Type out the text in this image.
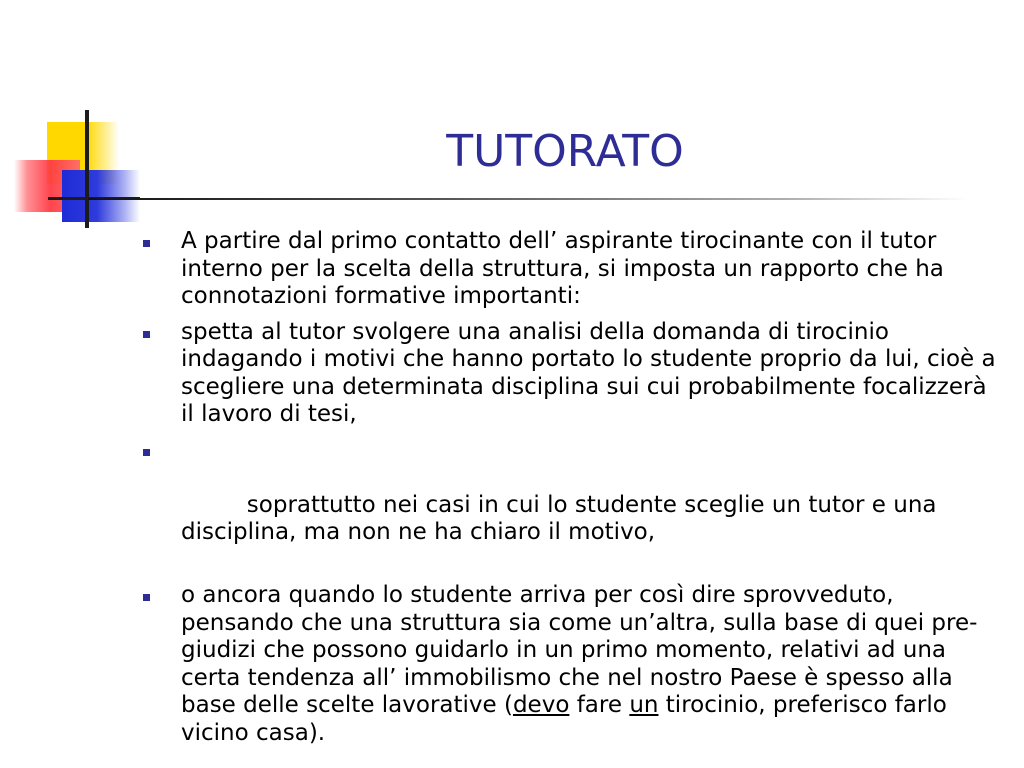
TUTORATO
A partire dal primo contatto dell’ aspirante tirocinante con il tutor interno per la scelta della struttura, si imposta un rapporto che ha connotazioni formative importanti:
spetta al tutor svolgere una analisi della domanda di tirocinio indagando i motivi che hanno portato lo studente proprio da lui, cioè a scegliere una determinata disciplina sui cui probabilmente focalizzerà il lavoro di tesi,

soprattutto nei casi in cui lo studente sceglie un tutor e una disciplina, ma non ne ha chiaro il motivo,

o ancora quando lo studente arriva per così dire sprovveduto, pensando che una struttura sia come un’altra, sulla base di quei pre-giudizi che possono guidarlo in un primo momento, relativi ad una certa tendenza all’ immobilismo che nel nostro Paese è spesso alla base delle scelte lavorative (devo fare un tirocinio, preferisco farlo vicino casa).
